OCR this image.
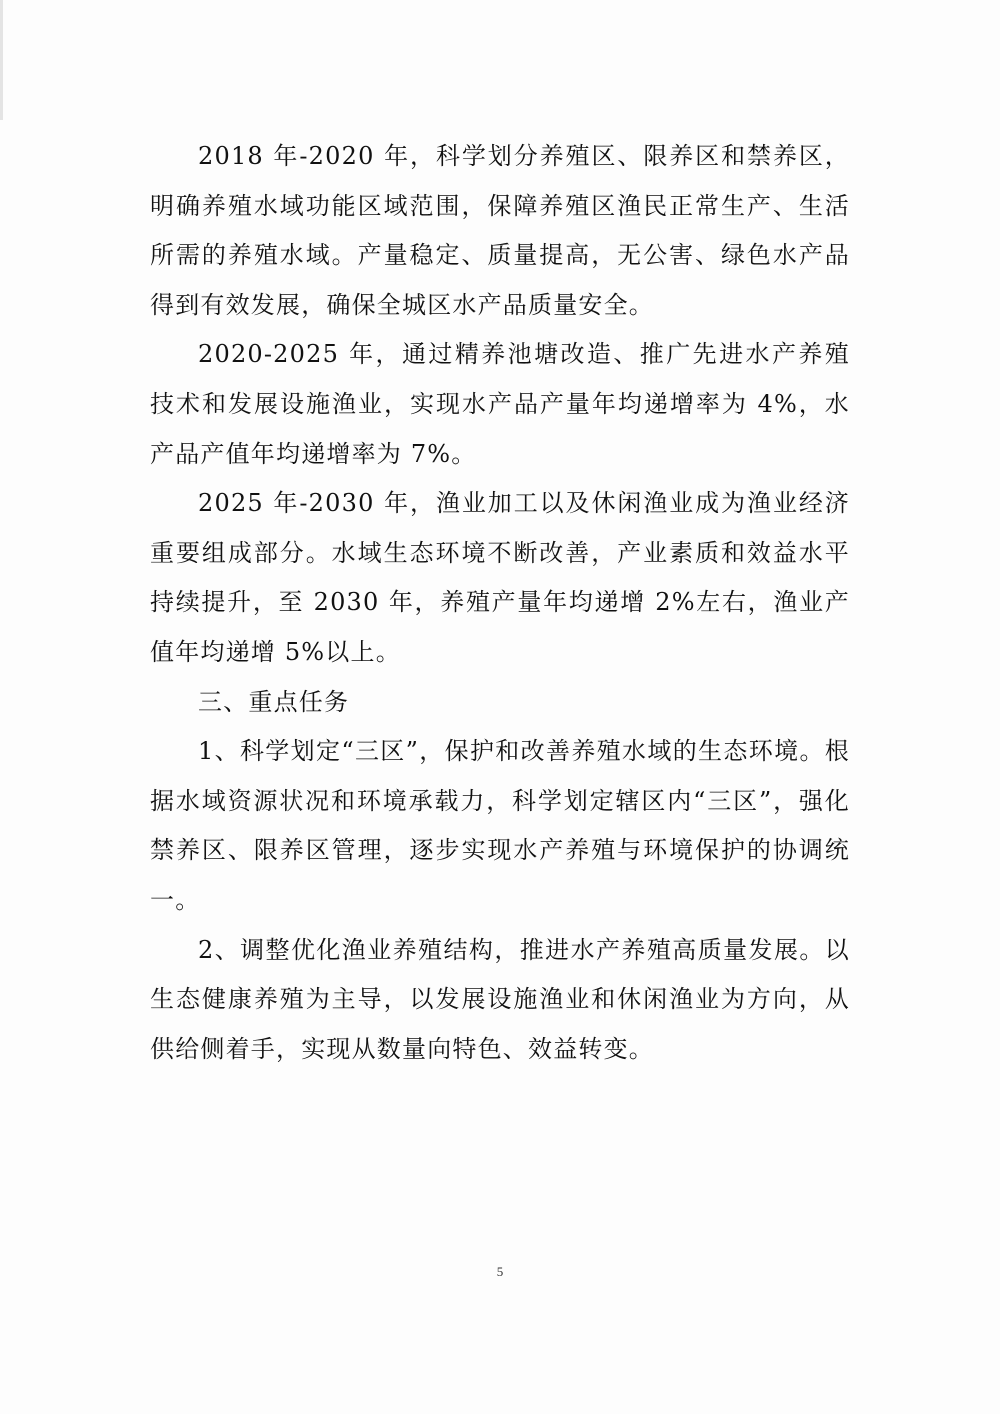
2018 年-2020 年，科学划分养殖区、限养区和禁养区，明确养殖水域功能区域范围，保障养殖区渔民正常生产、生活所需的养殖水域。产量稳定、质量提高，无公害、绿色水产品得到有效发展，确保全城区水产品质量安全。

2020-2025 年，通过精养池塘改造、推广先进水产养殖技术和发展设施渔业，实现水产品产量年均递增率为 4%，水产品产值年均递增率为 7%。

2025 年-2030 年，渔业加工以及休闲渔业成为渔业经济重要组成部分。水域生态环境不断改善，产业素质和效益水平持续提升，至 2030 年，养殖产量年均递增 2%左右，渔业产值年均递增 5%以上。

三、重点任务

1、科学划定“三区”，保护和改善养殖水域的生态环境。根据水域资源状况和环境承载力，科学划定辖区内“三区”，强化禁养区、限养区管理，逐步实现水产养殖与环境保护的协调统一。

2、调整优化渔业养殖结构，推进水产养殖高质量发展。以生态健康养殖为主导，以发展设施渔业和休闲渔业为方向，从供给侧着手，实现从数量向特色、效益转变。

5
